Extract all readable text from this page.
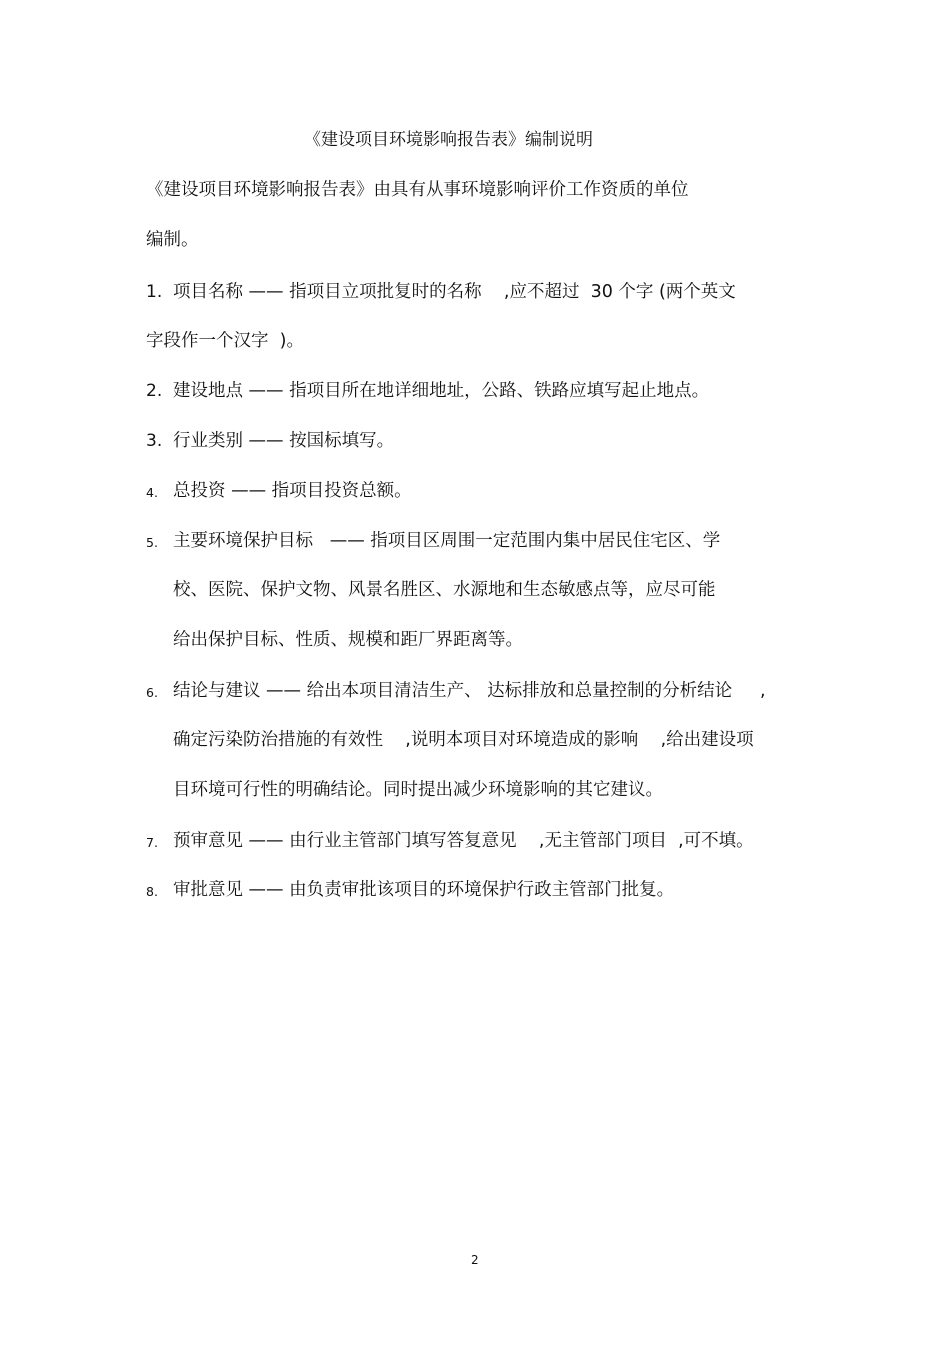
《建设项目环境影响报告表》编制说明
《建设项目环境影响报告表》由具有从事环境影响评价工作资质的单位
编制。
1. 项目名称 —— 指项目立项批复时的名称    ,应不超过  30 个字 (两个英文
字段作一个汉字  )。
2. 建设地点 —— 指项目所在地详细地址，公路、铁路应填写起止地点。
3. 行业类别 —— 按国标填写。
4. 总投资 —— 指项目投资总额。
5. 主要环境保护目标   —— 指项目区周围一定范围内集中居民住宅区、学
校、医院、保护文物、风景名胜区、水源地和生态敏感点等，应尽可能
给出保护目标、性质、规模和距厂界距离等。
6. 结论与建议 —— 给出本项目清洁生产、 达标排放和总量控制的分析结论     ,
确定污染防治措施的有效性    ,说明本项目对环境造成的影响    ,给出建设项
目环境可行性的明确结论。同时提出减少环境影响的其它建议。
7. 预审意见 —— 由行业主管部门填写答复意见    ,无主管部门项目  ,可不填。
8. 审批意见 —— 由负责审批该项目的环境保护行政主管部门批复。
2
